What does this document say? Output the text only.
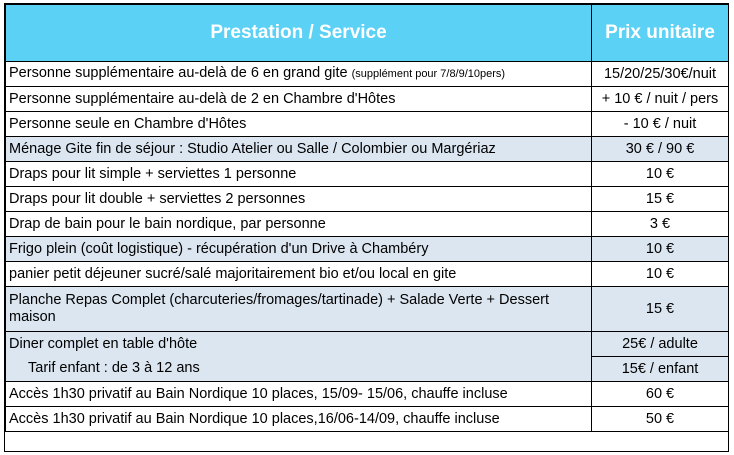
Prestation / Service	Prix unitaire
Personne supplémentaire au-delà de 6 en grand gite (supplément pour 7/8/9/10pers)	15/20/25/30€/nuit
Personne supplémentaire au-delà de 2 en Chambre d'Hôtes	+ 10 € / nuit / pers
Personne seule en Chambre d'Hôtes	- 10 € / nuit
Ménage Gite fin de séjour : Studio Atelier ou Salle / Colombier ou Margériaz	30 € / 90 €
Draps pour lit simple + serviettes 1 personne	10 €
Draps pour lit double + serviettes 2 personnes	15 €
Drap de bain pour le bain nordique, par personne	3 €
Frigo plein (coût logistique) - récupération d'un Drive à Chambéry	10 €
panier petit déjeuner sucré/salé majoritairement bio et/ou local en gite	10 €
Planche Repas Complet (charcuteries/fromages/tartinade) + Salade Verte + Dessert maison	15 €
Diner complet en table d'hôte	25€ / adulte
Tarif enfant : de 3 à 12 ans	15€ / enfant
Accès 1h30 privatif au Bain Nordique 10 places, 15/09- 15/06, chauffe incluse	60 €
Accès 1h30 privatif au Bain Nordique 10 places,16/06-14/09, chauffe incluse	50 €
